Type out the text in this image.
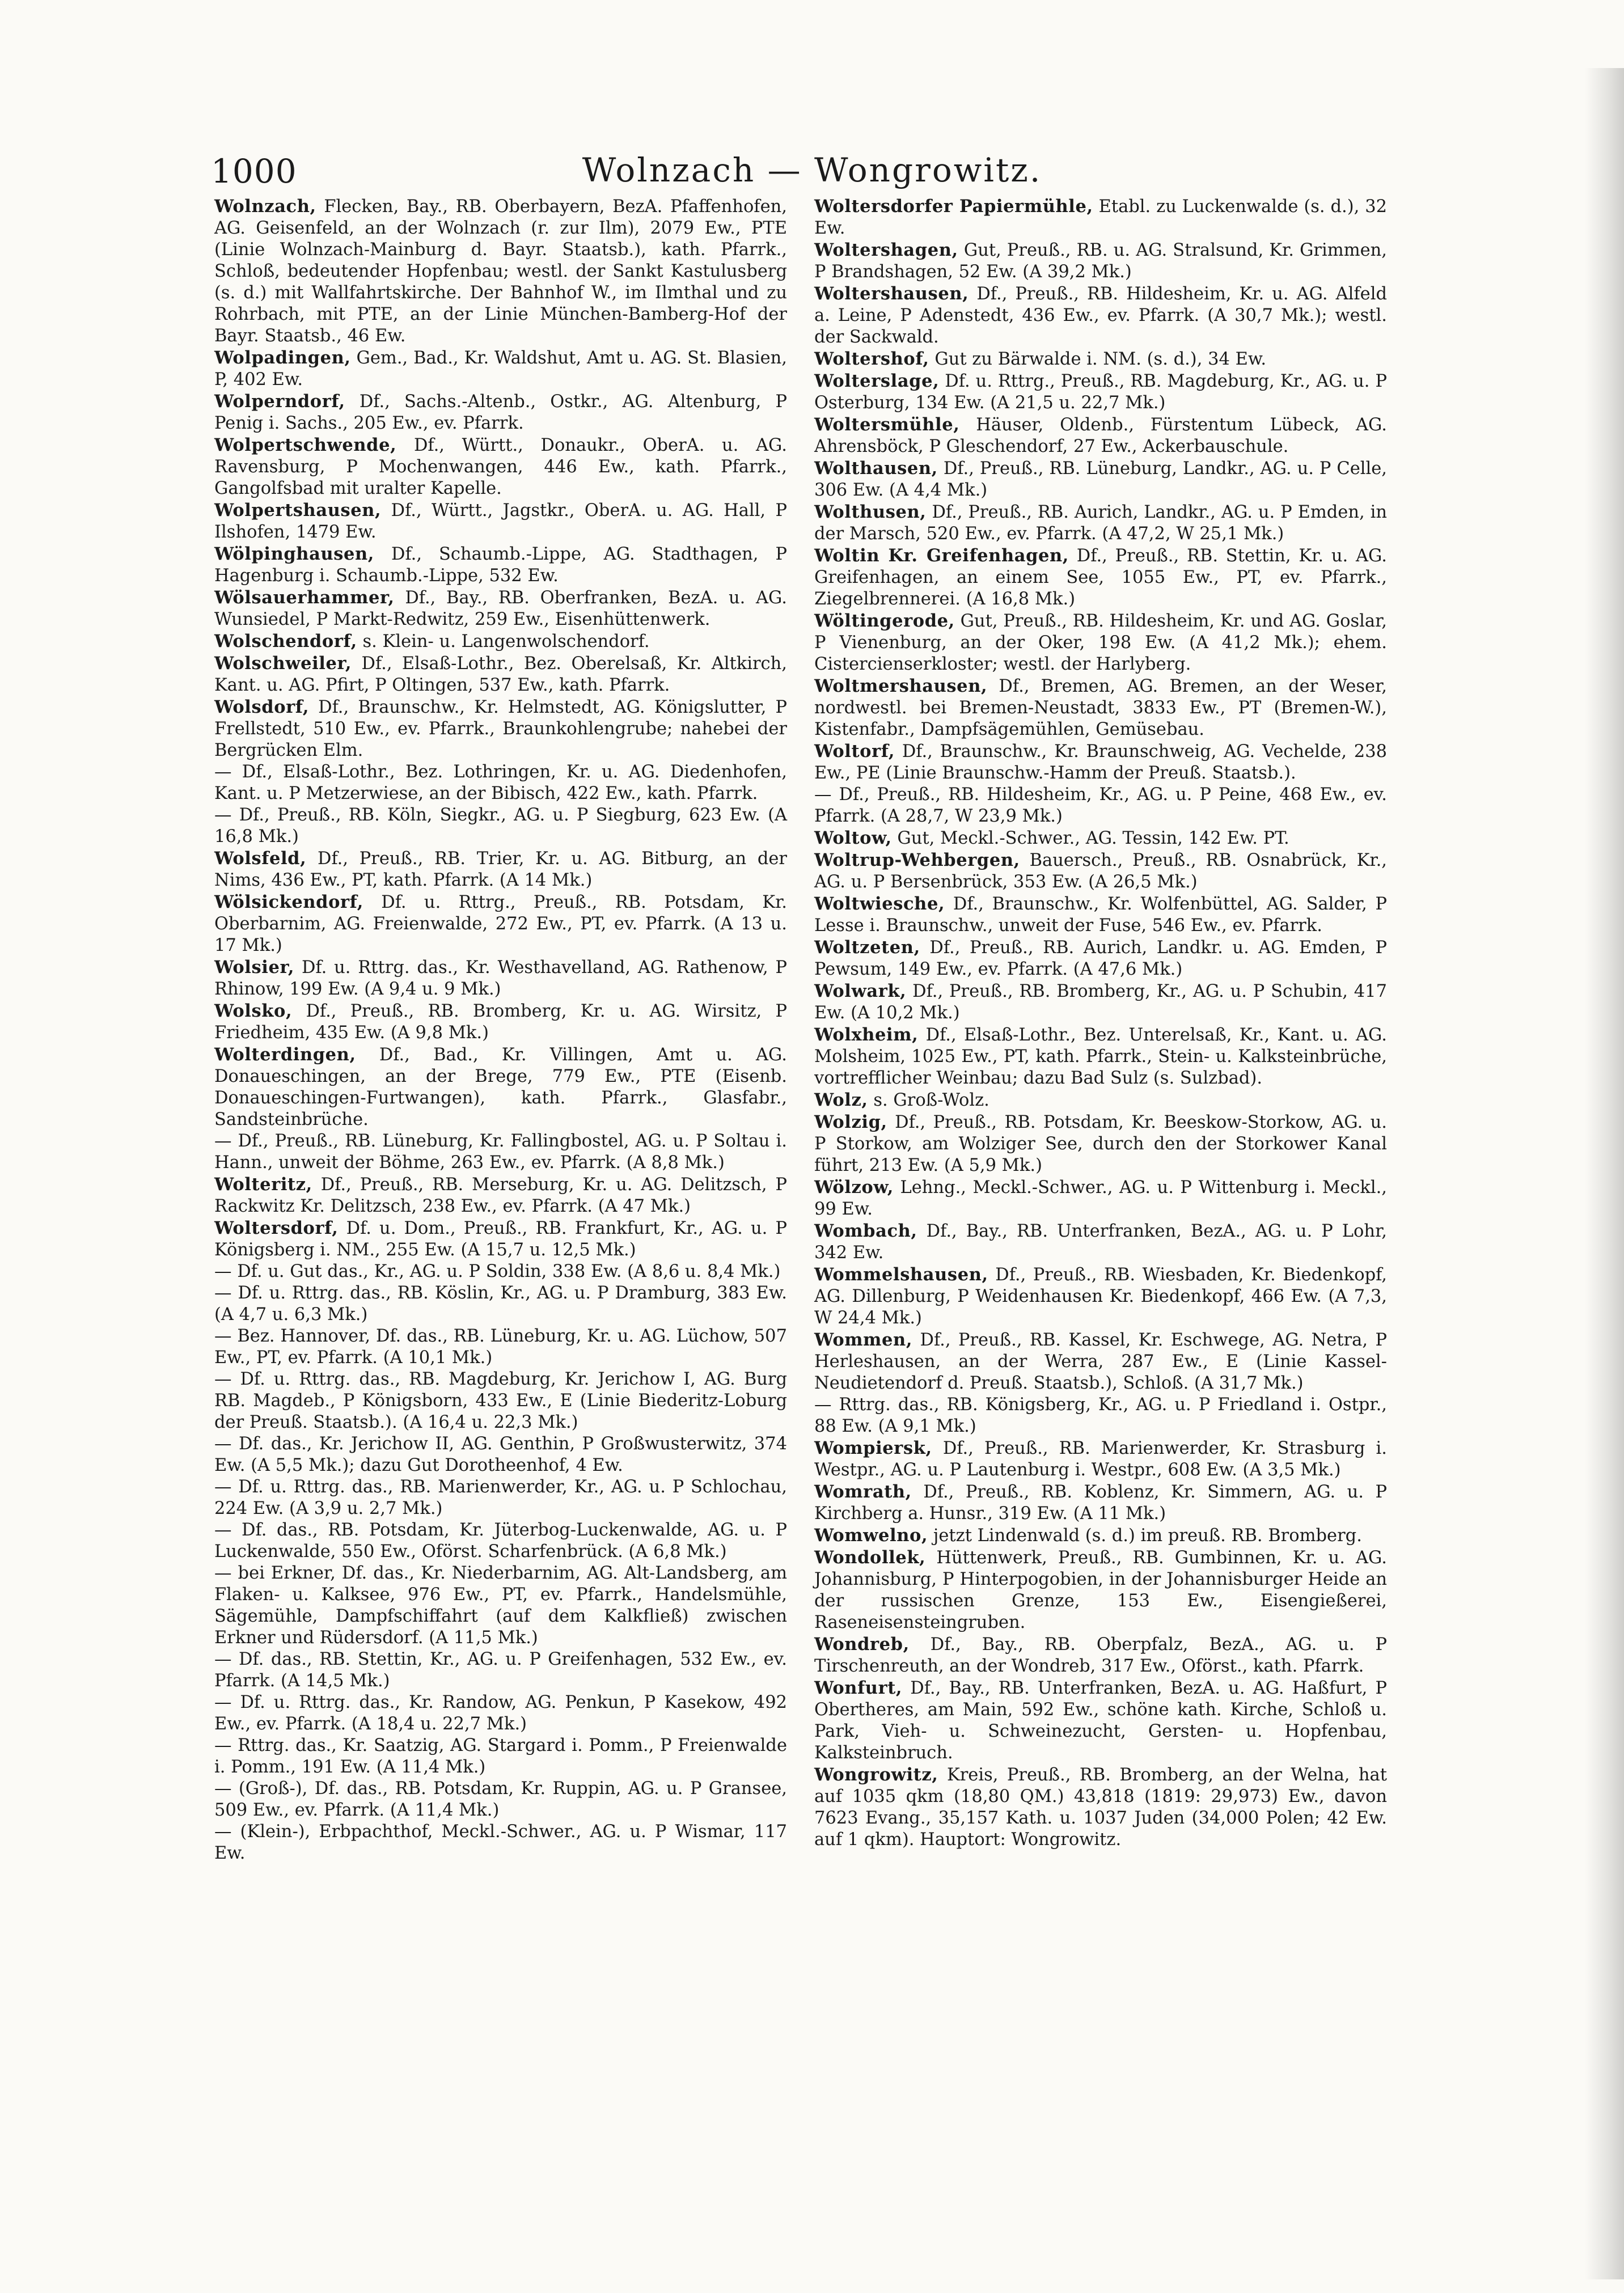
1000	Wolnzach — Wongrowitz.

Wolnzach, Flecken, Bay., RB. Oberbayern, BezA. Pfaffenhofen, AG. Geisenfeld, an der Wolnzach (r. zur Ilm), 2079 Ew., PTE (Linie Wolnzach-Mainburg d. Bayr. Staatsb.), kath. Pfarrk., Schloß, bedeutender Hopfenbau; westl. der Sankt Kastulusberg (s. d.) mit Wallfahrtskirche. Der Bahnhof W., im Ilmthal und zu Rohrbach, mit PTE, an der Linie München-Bamberg-Hof der Bayr. Staatsb., 46 Ew.

Wolpadingen, Gem., Bad., Kr. Waldshut, Amt u. AG. St. Blasien, P, 402 Ew.

Wolperndorf, Df., Sachs.-Altenb., Ostkr., AG. Altenburg, P Penig i. Sachs., 205 Ew., ev. Pfarrk.

Wolpertschwende, Df., Württ., Donaukr., OberA. u. AG. Ravensburg, P Mochenwangen, 446 Ew., kath. Pfarrk., Gangolfsbad mit uralter Kapelle.

Wolpertshausen, Df., Württ., Jagstkr., OberA. u. AG. Hall, P Ilshofen, 1479 Ew.

Wölpinghausen, Df., Schaumb.-Lippe, AG. Stadthagen, P Hagenburg i. Schaumb.-Lippe, 532 Ew.

Wölsauerhammer, Df., Bay., RB. Oberfranken, BezA. u. AG. Wunsiedel, P Markt-Redwitz, 259 Ew., Eisenhüttenwerk.

Wolschendorf, s. Klein- u. Langenwolschendorf.

Wolschweiler, Df., Elsaß-Lothr., Bez. Oberelsaß, Kr. Altkirch, Kant. u. AG. Pfirt, P Oltingen, 537 Ew., kath. Pfarrk.

Wolsdorf, Df., Braunschw., Kr. Helmstedt, AG. Königslutter, P Frellstedt, 510 Ew., ev. Pfarrk., Braunkohlengrube; nahebei der Bergrücken Elm.

— Df., Elsaß-Lothr., Bez. Lothringen, Kr. u. AG. Diedenhofen, Kant. u. P Metzerwiese, an der Bibisch, 422 Ew., kath. Pfarrk.

— Df., Preuß., RB. Köln, Siegkr., AG. u. P Siegburg, 623 Ew. (A 16,8 Mk.)

Wolsfeld, Df., Preuß., RB. Trier, Kr. u. AG. Bitburg, an der Nims, 436 Ew., PT, kath. Pfarrk. (A 14 Mk.)

Wölsickendorf, Df. u. Rttrg., Preuß., RB. Potsdam, Kr. Oberbarnim, AG. Freienwalde, 272 Ew., PT, ev. Pfarrk. (A 13 u. 17 Mk.)

Wolsier, Df. u. Rttrg. das., Kr. Westhavelland, AG. Rathenow, P Rhinow, 199 Ew. (A 9,4 u. 9 Mk.)

Wolsko, Df., Preuß., RB. Bromberg, Kr. u. AG. Wirsitz, P Friedheim, 435 Ew. (A 9,8 Mk.)

Wolterdingen, Df., Bad., Kr. Villingen, Amt u. AG. Donaueschingen, an der Brege, 779 Ew., PTE (Eisenb. Donaueschingen-Furtwangen), kath. Pfarrk., Glasfabr., Sandsteinbrüche.

— Df., Preuß., RB. Lüneburg, Kr. Fallingbostel, AG. u. P Soltau i. Hann., unweit der Böhme, 263 Ew., ev. Pfarrk. (A 8,8 Mk.)

Wolteritz, Df., Preuß., RB. Merseburg, Kr. u. AG. Delitzsch, P Rackwitz Kr. Delitzsch, 238 Ew., ev. Pfarrk. (A 47 Mk.)

Woltersdorf, Df. u. Dom., Preuß., RB. Frankfurt, Kr., AG. u. P Königsberg i. NM., 255 Ew. (A 15,7 u. 12,5 Mk.)

— Df. u. Gut das., Kr., AG. u. P Soldin, 338 Ew. (A 8,6 u. 8,4 Mk.)

— Df. u. Rttrg. das., RB. Köslin, Kr., AG. u. P Dramburg, 383 Ew. (A 4,7 u. 6,3 Mk.)

— Bez. Hannover, Df. das., RB. Lüneburg, Kr. u. AG. Lüchow, 507 Ew., PT, ev. Pfarrk. (A 10,1 Mk.)

— Df. u. Rttrg. das., RB. Magdeburg, Kr. Jerichow I, AG. Burg RB. Magdeb., P Königsborn, 433 Ew., E (Linie Biederitz-Loburg der Preuß. Staatsb.). (A 16,4 u. 22,3 Mk.)

— Df. das., Kr. Jerichow II, AG. Genthin, P Großwusterwitz, 374 Ew. (A 5,5 Mk.); dazu Gut Dorotheenhof, 4 Ew.

— Df. u. Rttrg. das., RB. Marienwerder, Kr., AG. u. P Schlochau, 224 Ew. (A 3,9 u. 2,7 Mk.)

— Df. das., RB. Potsdam, Kr. Jüterbog-Luckenwalde, AG. u. P Luckenwalde, 550 Ew., Oförst. Scharfenbrück. (A 6,8 Mk.)

— bei Erkner, Df. das., Kr. Niederbarnim, AG. Alt-Landsberg, am Flaken- u. Kalksee, 976 Ew., PT, ev. Pfarrk., Handelsmühle, Sägemühle, Dampfschiffahrt (auf dem Kalkfließ) zwischen Erkner und Rüdersdorf. (A 11,5 Mk.)

— Df. das., RB. Stettin, Kr., AG. u. P Greifenhagen, 532 Ew., ev. Pfarrk. (A 14,5 Mk.)

— Df. u. Rttrg. das., Kr. Randow, AG. Penkun, P Kasekow, 492 Ew., ev. Pfarrk. (A 18,4 u. 22,7 Mk.)

— Rttrg. das., Kr. Saatzig, AG. Stargard i. Pomm., P Freienwalde i. Pomm., 191 Ew. (A 11,4 Mk.)

— (Groß-), Df. das., RB. Potsdam, Kr. Ruppin, AG. u. P Gransee, 509 Ew., ev. Pfarrk. (A 11,4 Mk.)

— (Klein-), Erbpachthof, Meckl.-Schwer., AG. u. P Wismar, 117 Ew.

Woltersdorfer Papiermühle, Etabl. zu Luckenwalde (s. d.), 32 Ew.

Woltershagen, Gut, Preuß., RB. u. AG. Stralsund, Kr. Grimmen, P Brandshagen, 52 Ew. (A 39,2 Mk.)

Woltershausen, Df., Preuß., RB. Hildesheim, Kr. u. AG. Alfeld a. Leine, P Adenstedt, 436 Ew., ev. Pfarrk. (A 30,7 Mk.); westl. der Sackwald.

Woltershof, Gut zu Bärwalde i. NM. (s. d.), 34 Ew.

Wolterslage, Df. u. Rttrg., Preuß., RB. Magdeburg, Kr., AG. u. P Osterburg, 134 Ew. (A 21,5 u. 22,7 Mk.)

Woltersmühle, Häuser, Oldenb., Fürstentum Lübeck, AG. Ahrensböck, P Gleschendorf, 27 Ew., Ackerbauschule.

Wolthausen, Df., Preuß., RB. Lüneburg, Landkr., AG. u. P Celle, 306 Ew. (A 4,4 Mk.)

Wolthusen, Df., Preuß., RB. Aurich, Landkr., AG. u. P Emden, in der Marsch, 520 Ew., ev. Pfarrk. (A 47,2, W 25,1 Mk.)

Woltin Kr. Greifenhagen, Df., Preuß., RB. Stettin, Kr. u. AG. Greifenhagen, an einem See, 1055 Ew., PT, ev. Pfarrk., Ziegelbrennerei. (A 16,8 Mk.)

Wöltingerode, Gut, Preuß., RB. Hildesheim, Kr. und AG. Goslar, P Vienenburg, an der Oker, 198 Ew. (A 41,2 Mk.); ehem. Cistercienserkloster; westl. der Harlyberg.

Woltmershausen, Df., Bremen, AG. Bremen, an der Weser, nordwestl. bei Bremen-Neustadt, 3833 Ew., PT (Bremen-W.), Kistenfabr., Dampfsägemühlen, Gemüsebau.

Woltorf, Df., Braunschw., Kr. Braunschweig, AG. Vechelde, 238 Ew., PE (Linie Braunschw.-Hamm der Preuß. Staatsb.).

— Df., Preuß., RB. Hildesheim, Kr., AG. u. P Peine, 468 Ew., ev. Pfarrk. (A 28,7, W 23,9 Mk.)

Woltow, Gut, Meckl.-Schwer., AG. Tessin, 142 Ew. PT.

Woltrup-Wehbergen, Bauersch., Preuß., RB. Osnabrück, Kr., AG. u. P Bersenbrück, 353 Ew. (A 26,5 Mk.)

Woltwiesche, Df., Braunschw., Kr. Wolfenbüttel, AG. Salder, P Lesse i. Braunschw., unweit der Fuse, 546 Ew., ev. Pfarrk.

Woltzeten, Df., Preuß., RB. Aurich, Landkr. u. AG. Emden, P Pewsum, 149 Ew., ev. Pfarrk. (A 47,6 Mk.)

Wolwark, Df., Preuß., RB. Bromberg, Kr., AG. u. P Schubin, 417 Ew. (A 10,2 Mk.)

Wolxheim, Df., Elsaß-Lothr., Bez. Unterelsaß, Kr., Kant. u. AG. Molsheim, 1025 Ew., PT, kath. Pfarrk., Stein- u. Kalksteinbrüche, vortrefflicher Weinbau; dazu Bad Sulz (s. Sulzbad).

Wolz, s. Groß-Wolz.

Wolzig, Df., Preuß., RB. Potsdam, Kr. Beeskow-Storkow, AG. u. P Storkow, am Wolziger See, durch den der Storkower Kanal führt, 213 Ew. (A 5,9 Mk.)

Wölzow, Lehng., Meckl.-Schwer., AG. u. P Wittenburg i. Meckl., 99 Ew.

Wombach, Df., Bay., RB. Unterfranken, BezA., AG. u. P Lohr, 342 Ew.

Wommelshausen, Df., Preuß., RB. Wiesbaden, Kr. Biedenkopf, AG. Dillenburg, P Weidenhausen Kr. Biedenkopf, 466 Ew. (A 7,3, W 24,4 Mk.)

Wommen, Df., Preuß., RB. Kassel, Kr. Eschwege, AG. Netra, P Herleshausen, an der Werra, 287 Ew., E (Linie Kassel-Neudietendorf d. Preuß. Staatsb.), Schloß. (A 31,7 Mk.)

— Rttrg. das., RB. Königsberg, Kr., AG. u. P Friedland i. Ostpr., 88 Ew. (A 9,1 Mk.)

Wompiersk, Df., Preuß., RB. Marienwerder, Kr. Strasburg i. Westpr., AG. u. P Lautenburg i. Westpr., 608 Ew. (A 3,5 Mk.)

Womrath, Df., Preuß., RB. Koblenz, Kr. Simmern, AG. u. P Kirchberg a. Hunsr., 319 Ew. (A 11 Mk.)

Womwelno, jetzt Lindenwald (s. d.) im preuß. RB. Bromberg.

Wondollek, Hüttenwerk, Preuß., RB. Gumbinnen, Kr. u. AG. Johannisburg, P Hinterpogobien, in der Johannisburger Heide an der russischen Grenze, 153 Ew., Eisengießerei, Raseneisensteingruben.

Wondreb, Df., Bay., RB. Oberpfalz, BezA., AG. u. P Tirschenreuth, an der Wondreb, 317 Ew., Oförst., kath. Pfarrk.

Wonfurt, Df., Bay., RB. Unterfranken, BezA. u. AG. Haßfurt, P Obertheres, am Main, 592 Ew., schöne kath. Kirche, Schloß u. Park, Vieh- u. Schweinezucht, Gersten- u. Hopfenbau, Kalksteinbruch.

Wongrowitz, Kreis, Preuß., RB. Bromberg, an der Welna, hat auf 1035 qkm (18,80 QM.) 43,818 (1819: 29,973) Ew., davon 7623 Evang., 35,157 Kath. u. 1037 Juden (34,000 Polen; 42 Ew. auf 1 qkm). Hauptort: Wongrowitz.
